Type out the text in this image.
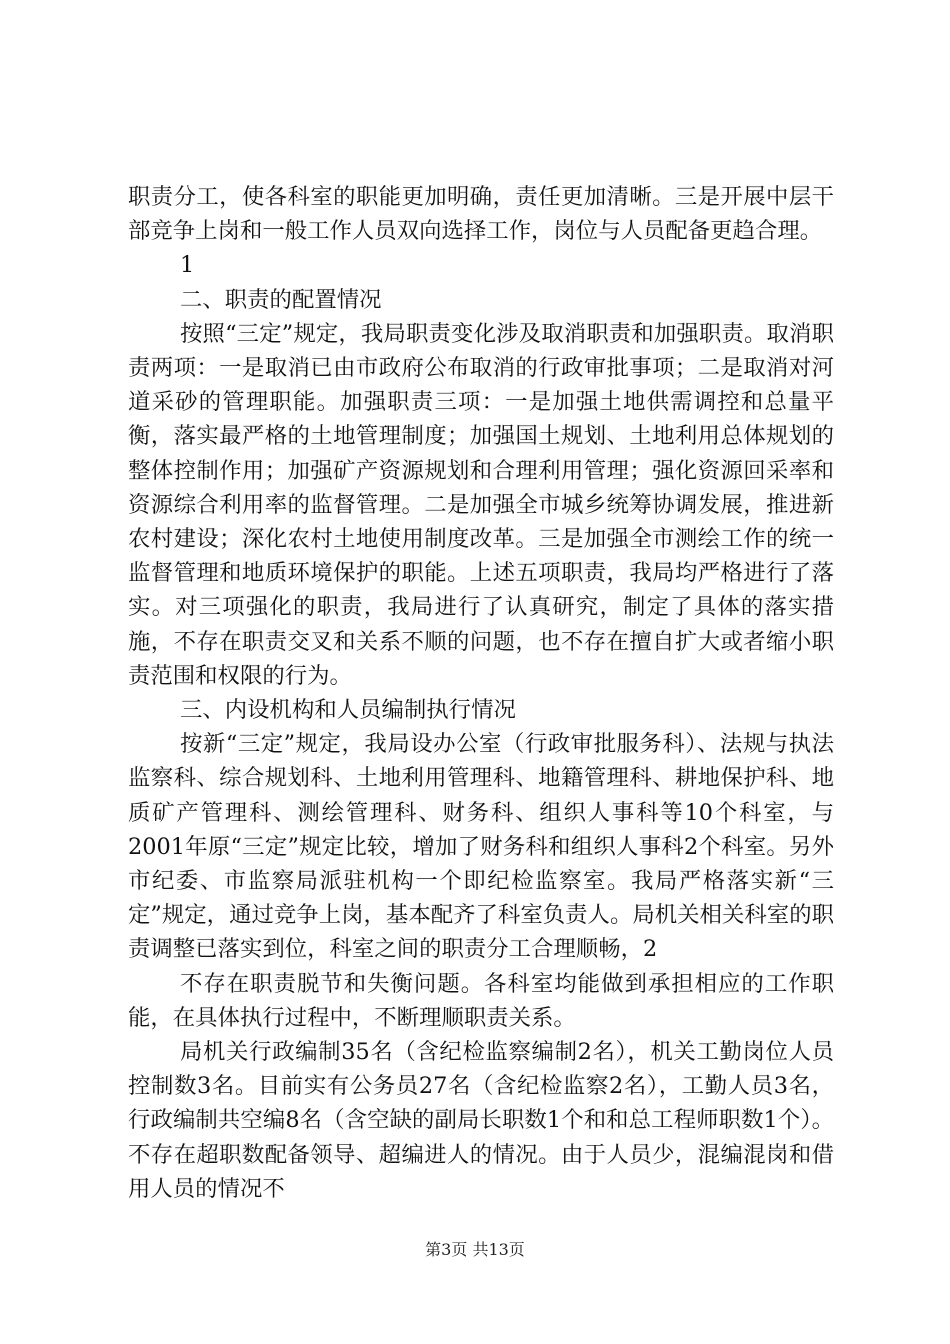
职责分工，使各科室的职能更加明确，责任更加清晰。三是开展中层干部竞争上岗和一般工作人员双向选择工作，岗位与人员配备更趋合理。

1

二、职责的配置情况

按照“三定”规定，我局职责变化涉及取消职责和加强职责。取消职责两项：一是取消已由市政府公布取消的行政审批事项；二是取消对河道采砂的管理职能。加强职责三项：一是加强土地供需调控和总量平衡，落实最严格的土地管理制度；加强国土规划、土地利用总体规划的整体控制作用；加强矿产资源规划和合理利用管理；强化资源回采率和资源综合利用率的监督管理。二是加强全市城乡统筹协调发展，推进新农村建设；深化农村土地使用制度改革。三是加强全市测绘工作的统一监督管理和地质环境保护的职能。上述五项职责，我局均严格进行了落实。对三项强化的职责，我局进行了认真研究，制定了具体的落实措施，不存在职责交叉和关系不顺的问题，也不存在擅自扩大或者缩小职责范围和权限的行为。

三、内设机构和人员编制执行情况

按新“三定”规定，我局设办公室（行政审批服务科）、法规与执法监察科、综合规划科、土地利用管理科、地籍管理科、耕地保护科、地质矿产管理科、测绘管理科、财务科、组织人事科等10个科室，与2001年原“三定”规定比较，增加了财务科和组织人事科2个科室。另外市纪委、市监察局派驻机构一个即纪检监察室。我局严格落实新“三定”规定，通过竞争上岗，基本配齐了科室负责人。局机关相关科室的职责调整已落实到位，科室之间的职责分工合理顺畅，2

不存在职责脱节和失衡问题。各科室均能做到承担相应的工作职能，在具体执行过程中，不断理顺职责关系。

局机关行政编制35名（含纪检监察编制2名），机关工勤岗位人员控制数3名。目前实有公务员27名（含纪检监察2名），工勤人员3名，行政编制共空编8名（含空缺的副局长职数1个和和总工程师职数1个）。不存在超职数配备领导、超编进人的情况。由于人员少，混编混岗和借用人员的情况不

第3页 共13页
